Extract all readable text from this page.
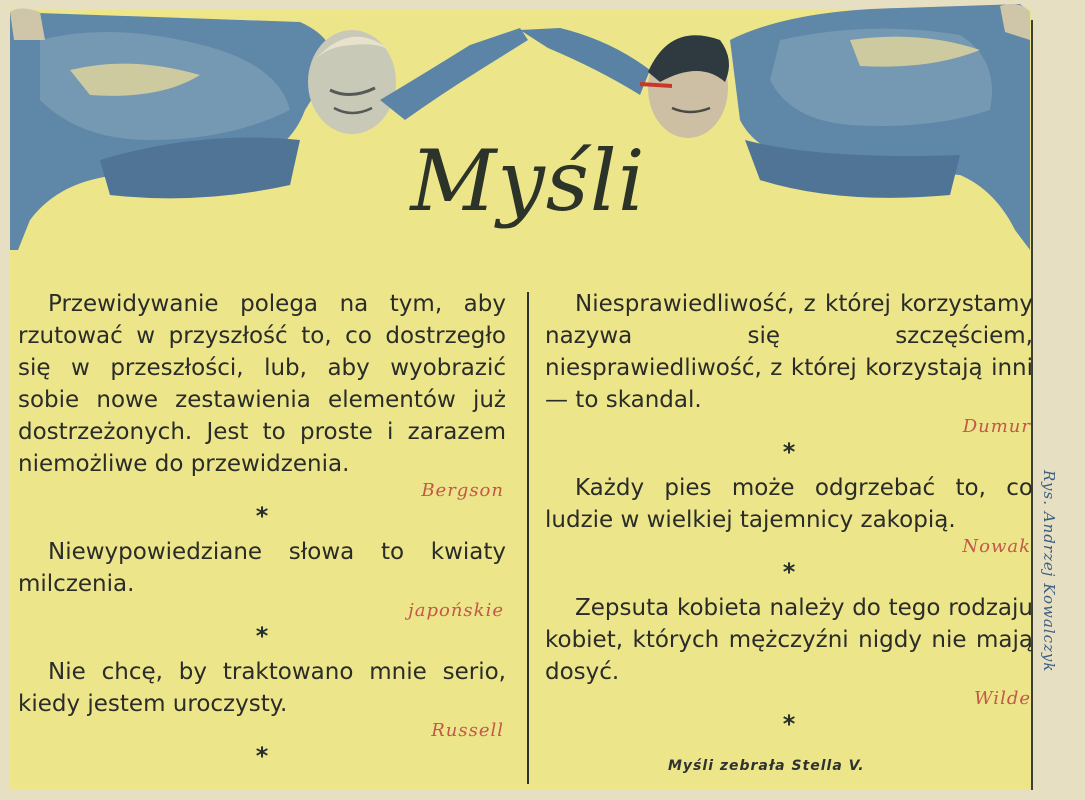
Myśli

Przewidywanie polega na tym, aby rzutować w przyszłość to, co dostrzegło się w przeszłości, lub, aby wyobrazić sobie nowe zestawienia elementów już dostrzeżonych. Jest to proste i zarazem niemożliwe do przewidzenia.

Bergson
*

Niewypowiedziane słowa to kwiaty milczenia.

japońskie
*

Nie chcę, by traktowano mnie serio, kiedy jestem uroczysty.

Russell
*

Niesprawiedliwość, z której korzystamy nazywa się szczęściem, niesprawiedliwość, z której korzystają inni — to skandal.

Dumur
*

Każdy pies może odgrzebać to, co ludzie w wielkiej tajemnicy zakopią.

Nowak
*

Zepsuta kobieta należy do tego rodzaju kobiet, których mężczyźni nigdy nie mają dosyć.

Wilde
*
Myśli zebrała Stella V.
Rys. Andrzej Kowalczyk
